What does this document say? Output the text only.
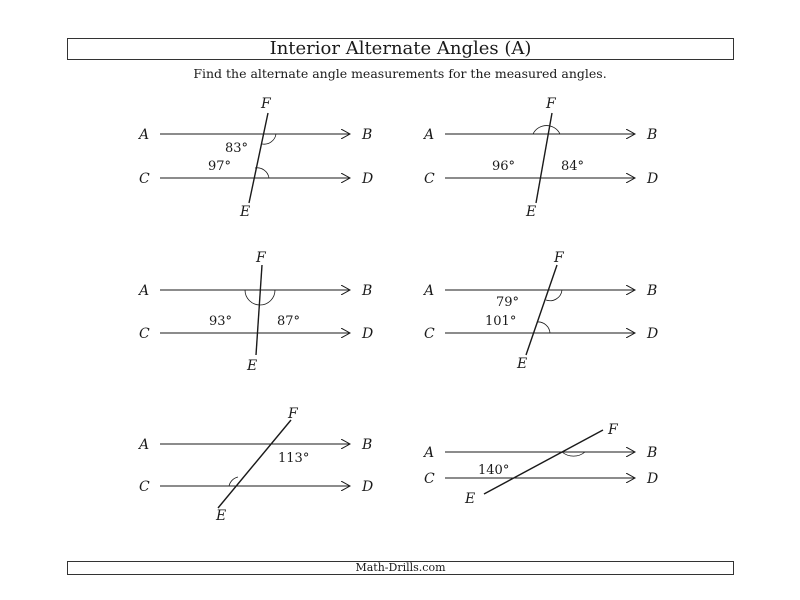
Interior Alternate Angles (A)
Find the alternate angle measurements for the measured angles.
A	B
C	D
F
E
83°
97°
A	B
C	D
F
E
96°	84°
A	B
C	D
F
E
93°	87°
A	B
C	D
F
E
79°
101°
A	B
C	D
F
E
113°	A	B
C	D
F
E
140°
Math-Drills.com
